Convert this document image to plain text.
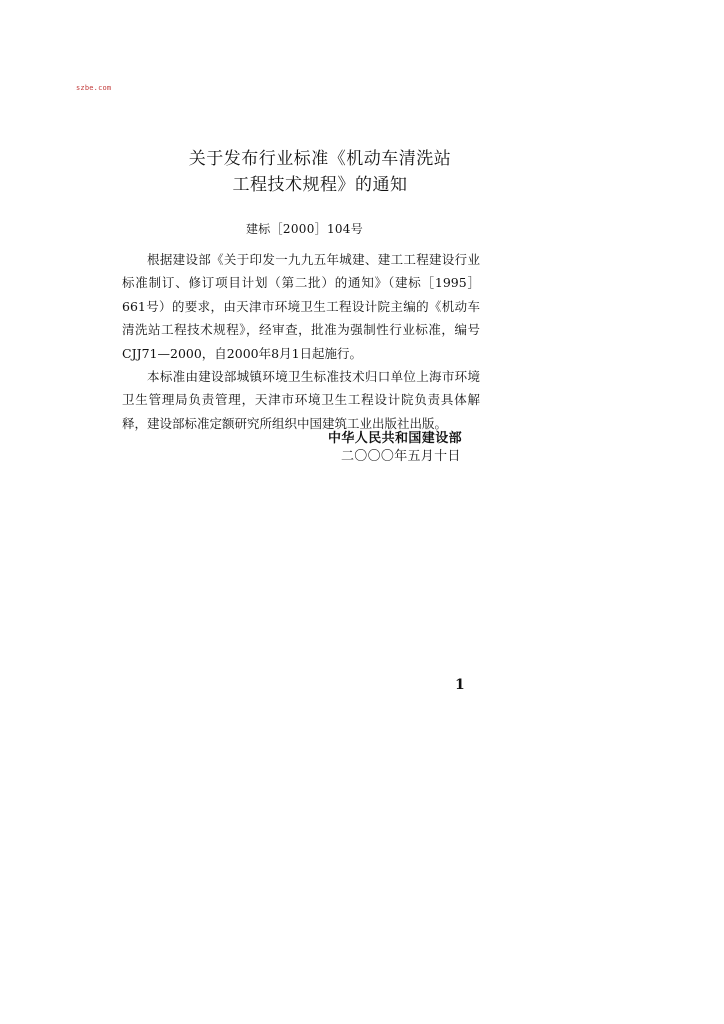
szbe.com
关于发布行业标准《机动车清洗站
工程技术规程》的通知
建标［2000］104号

根据建设部《关于印发一九九五年城建、建工工程建设行业标准制订、修订项目计划（第二批）的通知》（建标［1995］661号）的要求，由天津市环境卫生工程设计院主编的《机动车清洗站工程技术规程》，经审查，批准为强制性行业标准，编号CJJ71—2000，自2000年8月1日起施行。

本标准由建设部城镇环境卫生标准技术归口单位上海市环境卫生管理局负责管理，天津市环境卫生工程设计院负责具体解释，建设部标准定额研究所组织中国建筑工业出版社出版。

中华人民共和国建设部
二〇〇〇年五月十日
1
